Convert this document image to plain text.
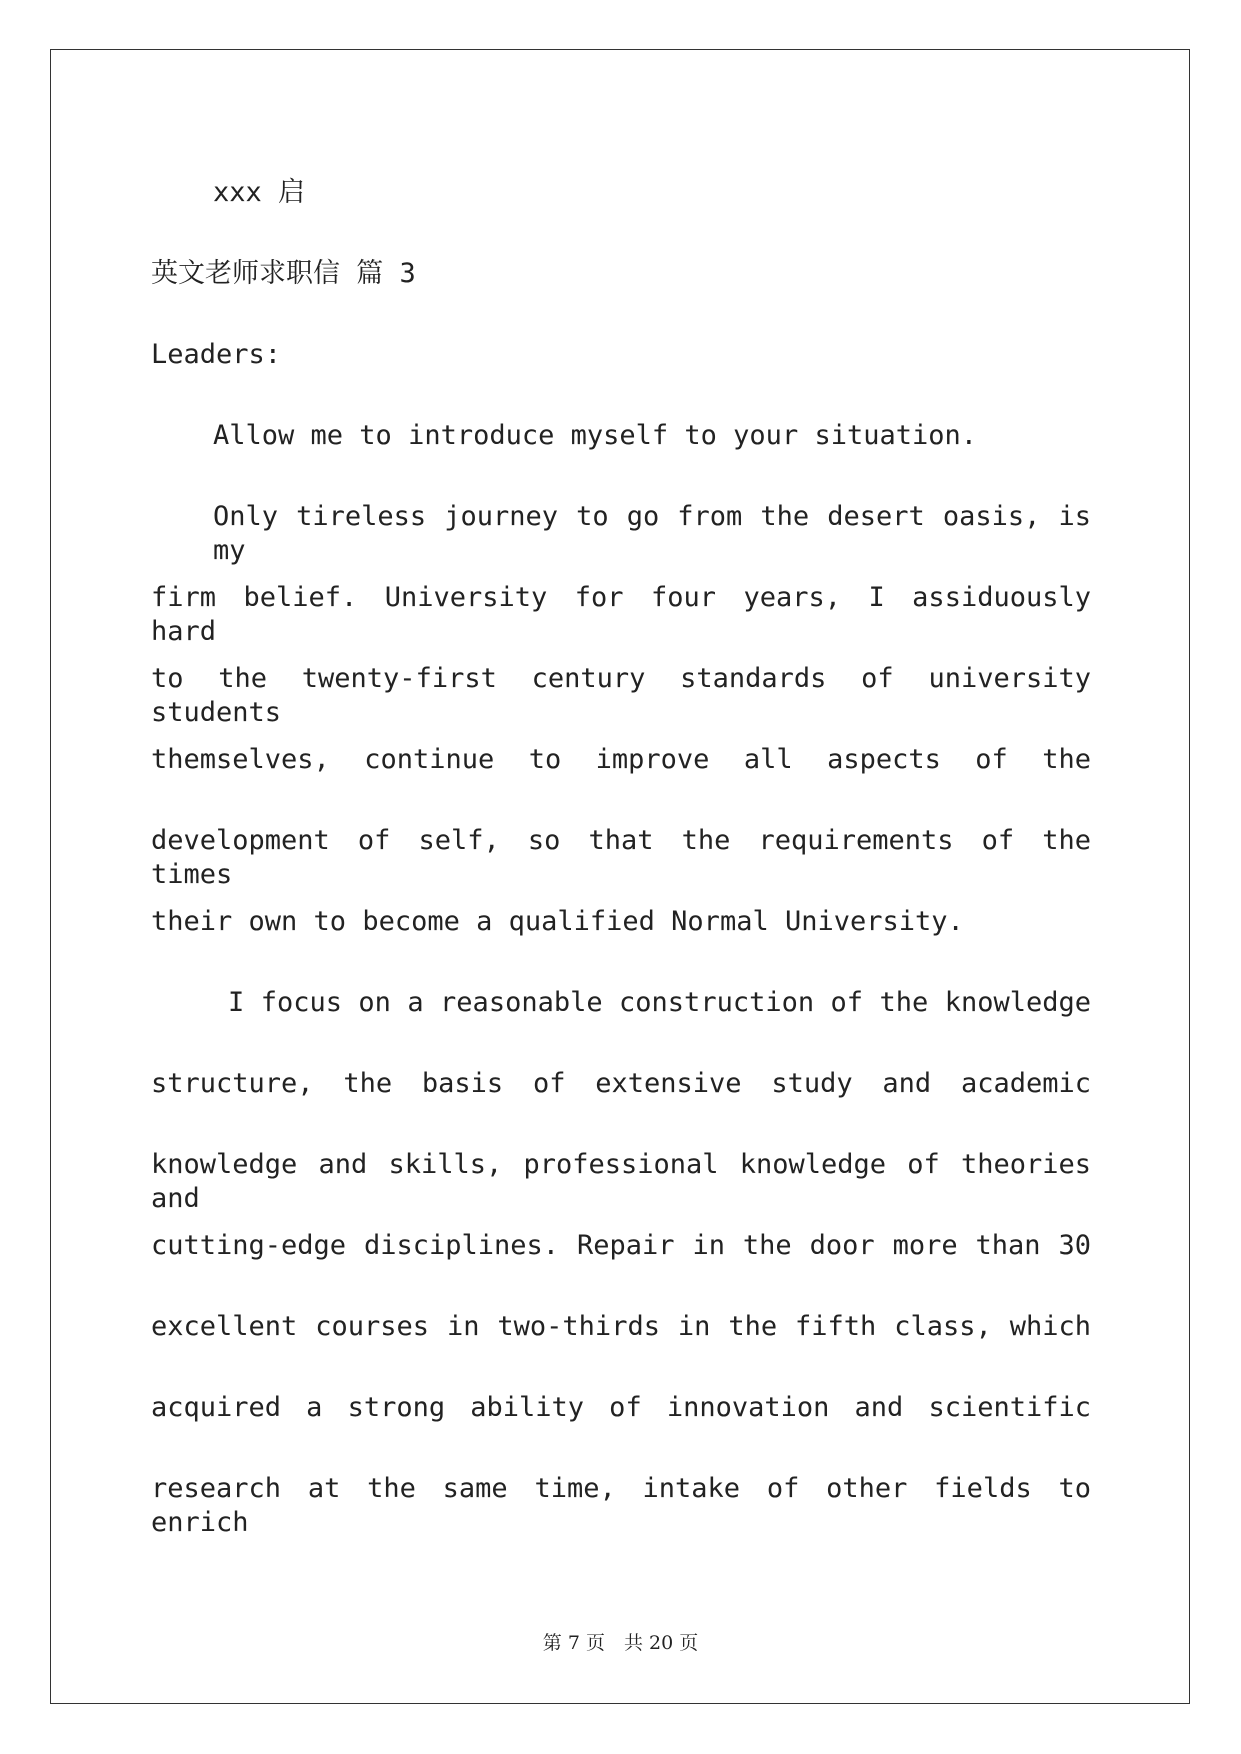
xxx 启
英文老师求职信 篇 3
Leaders:
Allow me to introduce myself to your situation.
Only tireless journey to go from the desert oasis, is my
firm belief. University for four years, I assiduously hard
to the twenty-first century standards of university students
themselves, continue to improve all aspects of the
development of self, so that the requirements of the times
their own to become a qualified Normal University.
I focus on a reasonable construction of the knowledge
structure, the basis of extensive study and academic
knowledge and skills, professional knowledge of theories and
cutting-edge disciplines. Repair in the door more than 30
excellent courses in two-thirds in the fifth class, which
acquired a strong ability of innovation and scientific
research at the same time, intake of other fields to enrich
第 7 页　共 20 页
